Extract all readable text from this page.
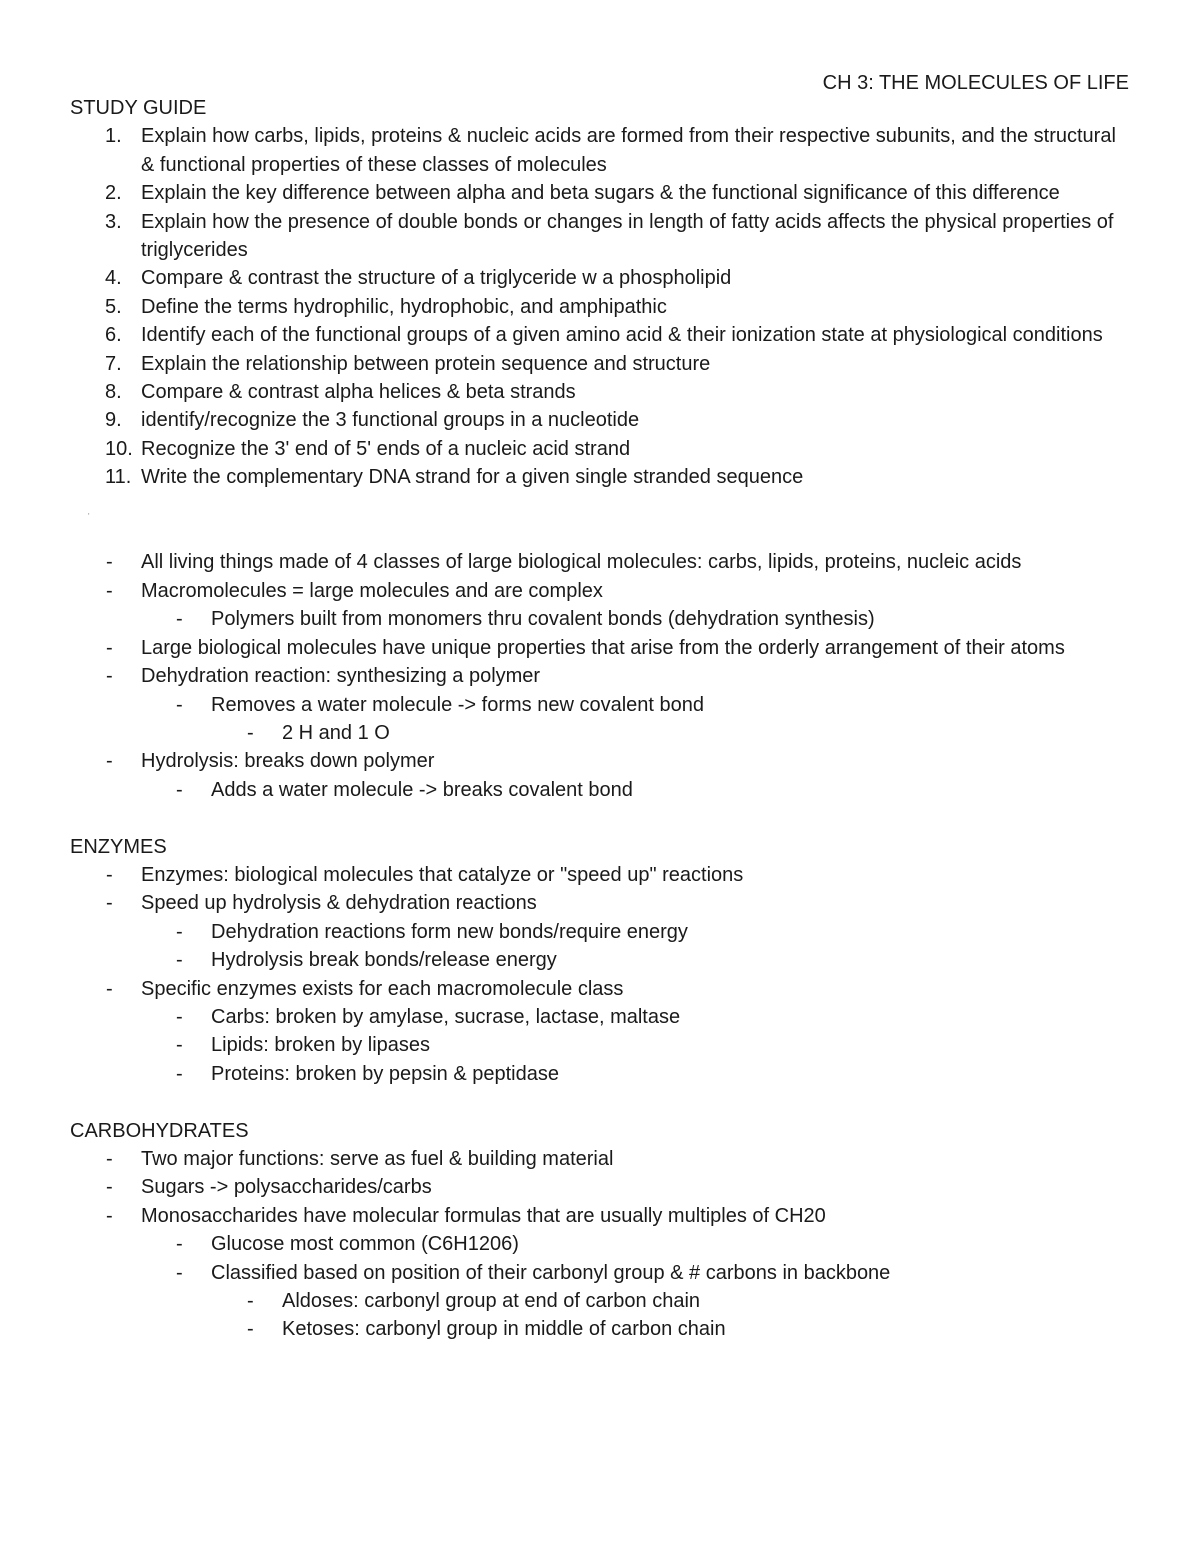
CH 3: THE MOLECULES OF LIFE
STUDY GUIDE
1. Explain how carbs, lipids, proteins & nucleic acids are formed from their respective subunits, and the structural & functional properties of these classes of molecules
2. Explain the key difference between alpha and beta sugars & the functional significance of this difference
3. Explain how the presence of double bonds or changes in length of fatty acids affects the physical properties of triglycerides
4. Compare & contrast the structure of a triglyceride w a phospholipid
5. Define the terms hydrophilic, hydrophobic, and amphipathic
6. Identify each of the functional groups of a given amino acid & their ionization state at physiological conditions
7. Explain the relationship between protein sequence and structure
8. Compare & contrast alpha helices & beta strands
9. identify/recognize the 3 functional groups in a nucleotide
10. Recognize the 3' end of 5' ends of a nucleic acid strand
11. Write the complementary DNA strand for a given single stranded sequence
'
- All living things made of 4 classes of large biological molecules: carbs, lipids, proteins, nucleic acids
- Macromolecules = large molecules and are complex
- Polymers built from monomers thru covalent bonds (dehydration synthesis)
- Large biological molecules have unique properties that arise from the orderly arrangement of their atoms
- Dehydration reaction: synthesizing a polymer
- Removes a water molecule -> forms new covalent bond
- 2 H and 1 O
- Hydrolysis: breaks down polymer
- Adds a water molecule -> breaks covalent bond
ENZYMES
- Enzymes: biological molecules that catalyze or "speed up" reactions
- Speed up hydrolysis & dehydration reactions
- Dehydration reactions form new bonds/require energy
- Hydrolysis break bonds/release energy
- Specific enzymes exists for each macromolecule class
- Carbs: broken by amylase, sucrase, lactase, maltase
- Lipids: broken by lipases
- Proteins: broken by pepsin & peptidase
CARBOHYDRATES
- Two major functions: serve as fuel & building material
- Sugars -> polysaccharides/carbs
- Monosaccharides have molecular formulas that are usually multiples of CH20
- Glucose most common (C6H1206)
- Classified based on position of their carbonyl group & # carbons in backbone
- Aldoses: carbonyl group at end of carbon chain
- Ketoses: carbonyl group in middle of carbon chain
